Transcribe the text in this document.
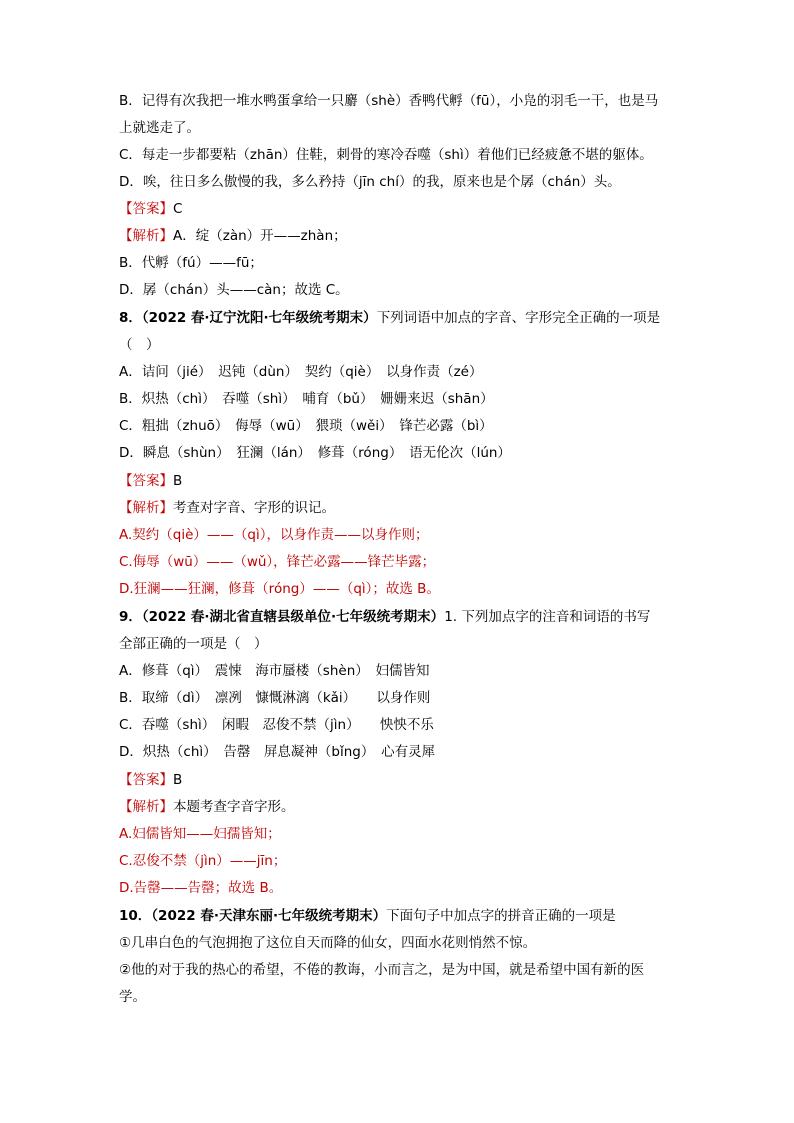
B．记得有次我把一堆水鸭蛋拿给一只麝（shè）香鸭代孵（fū），小凫的羽毛一干，也是马
上就逃走了。
C．每走一步都要粘（zhān）住鞋，刺骨的寒冷吞噬（shì）着他们已经疲惫不堪的躯体。
D．唉，往日多么傲慢的我，多么矜持（jīn chí）的我，原来也是个孱（chán）头。
【答案】C
【解析】A．绽（zàn）开——zhàn；
B．代孵（fú）——fū；
D．孱（chán）头——càn；故选 C。
8．（2022 春·辽宁沈阳·七年级统考期末）下列词语中加点的字音、字形完全正确的一项是
（　）
A．诘问（jié）　迟钝（dùn）　契约（qiè）　以身作责（zé）
B．炽热（chì）　吞噬（shì）　哺育（bǔ）　姗姗来迟（shān）
C．粗拙（zhuō）　侮辱（wū）　猥琐（wěi）　锋芒必露（bì）
D．瞬息（shùn）　狂澜（lán）　修葺（róng）　语无伦次（lún）
【答案】B
【解析】考查对字音、字形的识记。
A.契约（qiè）——（qì），以身作责——以身作则；
C.侮辱（wū）——（wǔ），锋芒必露——锋芒毕露；
D.狂澜——狂澜，修葺（róng）——（qì）；故选 B。
9．（2022 春·湖北省直辖县级单位·七年级统考期末）1. 下列加点字的注音和词语的书写
全部正确的一项是（　）
A．修葺（qì）　震悚　海市蜃楼（shèn）　妇儒皆知
B．取缔（dì）　凛冽　慷慨淋漓（kǎi）　　以身作则
C．吞噬（shì）　闲暇　忍俊不禁（jìn）　　怏怏不乐
D．炽热（chì）　告罄　屏息凝神（bǐng）　心有灵犀
【答案】B
【解析】本题考查字音字形。
A.妇儒皆知——妇孺皆知；
C.忍俊不禁（jìn）——jīn；
D.告罄——告罄；故选 B。
10．（2022 春·天津东丽·七年级统考期末）下面句子中加点字的拼音正确的一项是
①几串白色的气泡拥抱了这位自天而降的仙女，四面水花则悄然不惊。
②他的对于我的热心的希望，不倦的教诲，小而言之，是为中国，就是希望中国有新的医
学。
